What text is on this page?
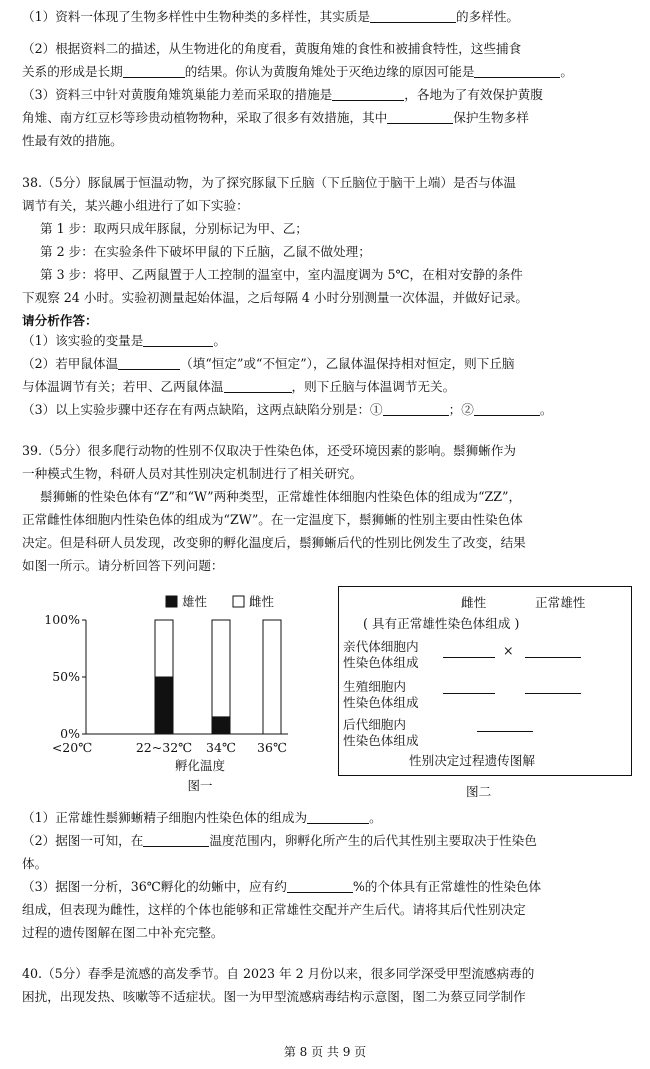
（1）资料一体现了生物多样性中生物种类的多样性，其实质是	的多样性。
（2）根据资料二的描述，从生物进化的角度看，黄腹角雉的食性和被捕食特性，这些捕食
关系的形成是长期	的结果。你认为黄腹角雉处于灭绝边缘的原因可能是	。
（3）资料三中针对黄腹角雉筑巢能力差而采取的措施是	，各地为了有效保护黄腹
角雉、南方红豆杉等珍贵动植物物种，采取了很多有效措施，其中	保护生物多样
性最有效的措施。
38.（5分）豚鼠属于恒温动物，为了探究豚鼠下丘脑（下丘脑位于脑干上端）是否与体温
调节有关，某兴趣小组进行了如下实验：
第 1 步：取两只成年豚鼠，分别标记为甲、乙；
第 2 步：在实验条件下破坏甲鼠的下丘脑，乙鼠不做处理；
第 3 步：将甲、乙两鼠置于人工控制的温室中，室内温度调为 5℃，在相对安静的条件
下观察 24 小时。实验初测量起始体温，之后每隔 4 小时分别测量一次体温，并做好记录。
请分析作答：
（1）该实验的变量是	。
（2）若甲鼠体温	（填“恒定”或“不恒定”），乙鼠体温保持相对恒定，则下丘脑
与体温调节有关；若甲、乙两鼠体温	，则下丘脑与体温调节无关。
（3）以上实验步骤中还存在有两点缺陷，这两点缺陷分别是：①	；②	。
39.（5分）很多爬行动物的性别不仅取决于性染色体，还受环境因素的影响。鬃狮蜥作为
一种模式生物，科研人员对其性别决定机制进行了相关研究。
鬃狮蜥的性染色体有“Z”和“W”两种类型，正常雄性体细胞内性染色体的组成为“ZZ”，
正常雌性体细胞内性染色体的组成为“ZW”。在一定温度下，鬃狮蜥的性别主要由性染色体
决定。但是科研人员发现，改变卵的孵化温度后，鬃狮蜥后代的性别比例发生了改变，结果
如图一所示。请分析回答下列问题：
0%
50%
100%
<20℃	22~32℃ 34℃ 36℃
孵化温度
图一
雄性	雌性	雌性	正常雄性
( 具有正常雄性染色体组成 )
亲代体细胞内
性染色体组成
×
生殖细胞内
性染色体组成
后代细胞内
性染色体组成
性别决定过程遗传图解
图二
（1）正常雄性鬃狮蜥精子细胞内性染色体的组成为	。
（2）据图一可知，在	温度范围内，卵孵化所产生的后代其性别主要取决于性染色
体。
（3）据图一分析，36℃孵化的幼蜥中，应有约	%的个体具有正常雄性的性染色体
组成，但表现为雌性，这样的个体也能够和正常雄性交配并产生后代。请将其后代性别决定
过程的遗传图解在图二中补充完整。
40.（5分）春季是流感的高发季节。自 2023 年 2 月份以来，很多同学深受甲型流感病毒的
困扰，出现发热、咳嗽等不适症状。图一为甲型流感病毒结构示意图，图二为蔡豆同学制作
第 8 页 共 9 页
